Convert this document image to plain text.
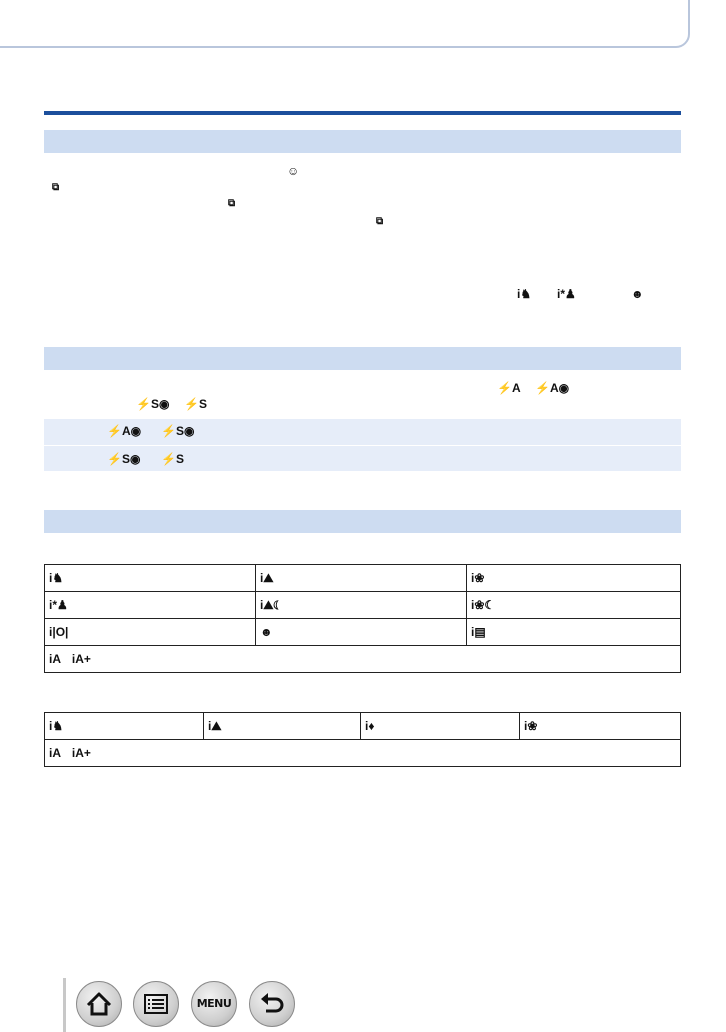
☺
⧉
⧉
⧉
i♞ i*♟	☻
⚡A ⚡A◉
⚡S◉ ⚡S
⚡A◉ ⚡S◉
⚡S◉ ⚡S
i♞	i⛰	i❀
i*♟	i⛰☾	i❀☾
i|O|	☻	i▤
iA iA+		
i♞	i⛰	i♦	i❀
iA iA+
MENU
